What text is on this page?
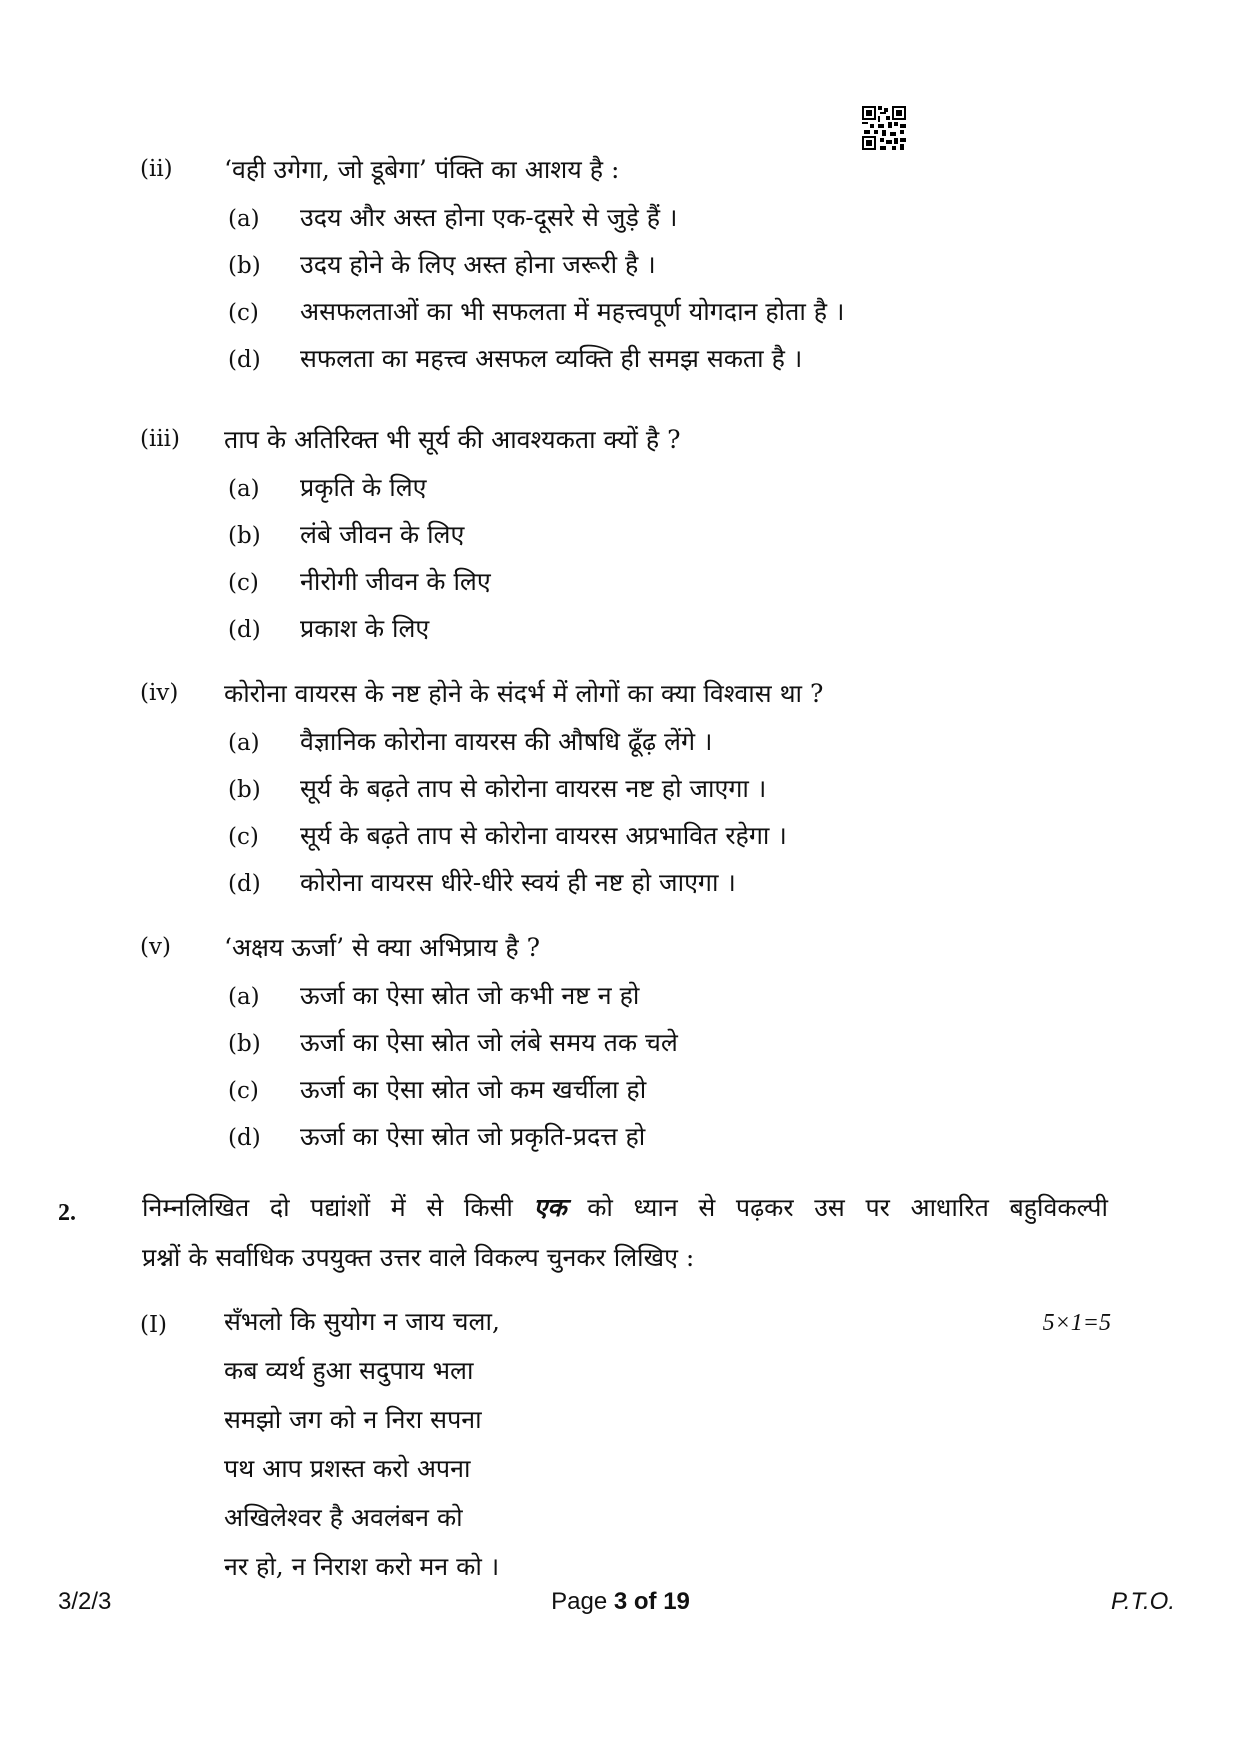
(ii) ‘वही उगेगा, जो डूबेगा’ पंक्ति का आशय है :
(a) उदय और अस्त होना एक-दूसरे से जुड़े हैं ।
(b) उदय होने के लिए अस्त होना जरूरी है ।
(c) असफलताओं का भी सफलता में महत्त्वपूर्ण योगदान होता है ।
(d) सफलता का महत्त्व असफल व्यक्ति ही समझ सकता है ।
(iii) ताप के अतिरिक्त भी सूर्य की आवश्यकता क्यों है ?
(a) प्रकृति के लिए
(b) लंबे जीवन के लिए
(c) नीरोगी जीवन के लिए
(d) प्रकाश के लिए
(iv) कोरोना वायरस के नष्ट होने के संदर्भ में लोगों का क्या विश्वास था ?
(a) वैज्ञानिक कोरोना वायरस की औषधि ढूँढ़ लेंगे ।
(b) सूर्य के बढ़ते ताप से कोरोना वायरस नष्ट हो जाएगा ।
(c) सूर्य के बढ़ते ताप से कोरोना वायरस अप्रभावित रहेगा ।
(d) कोरोना वायरस धीरे-धीरे स्वयं ही नष्ट हो जाएगा ।
(v) ‘अक्षय ऊर्जा’ से क्या अभिप्राय है ?
(a) ऊर्जा का ऐसा स्रोत जो कभी नष्ट न हो
(b) ऊर्जा का ऐसा स्रोत जो लंबे समय तक चले
(c) ऊर्जा का ऐसा स्रोत जो कम खर्चीला हो
(d) ऊर्जा का ऐसा स्रोत जो प्रकृति-प्रदत्त हो
2.	निम्नलिखित दो पद्यांशों में से किसी एक को ध्यान से पढ़कर उस पर आधारित बहुविकल्पी
प्रश्नों के सर्वाधिक उपयुक्त उत्तर वाले विकल्प चुनकर लिखिए :
(I)	5×1=5
सँभलो कि सुयोग न जाय चला,
कब व्यर्थ हुआ सदुपाय भला
समझो जग को न निरा सपना
पथ आप प्रशस्त करो अपना
अखिलेश्वर है अवलंबन को
नर हो, न निराश करो मन को ।
3/2/3	Page 3 of 19	P.T.O.
